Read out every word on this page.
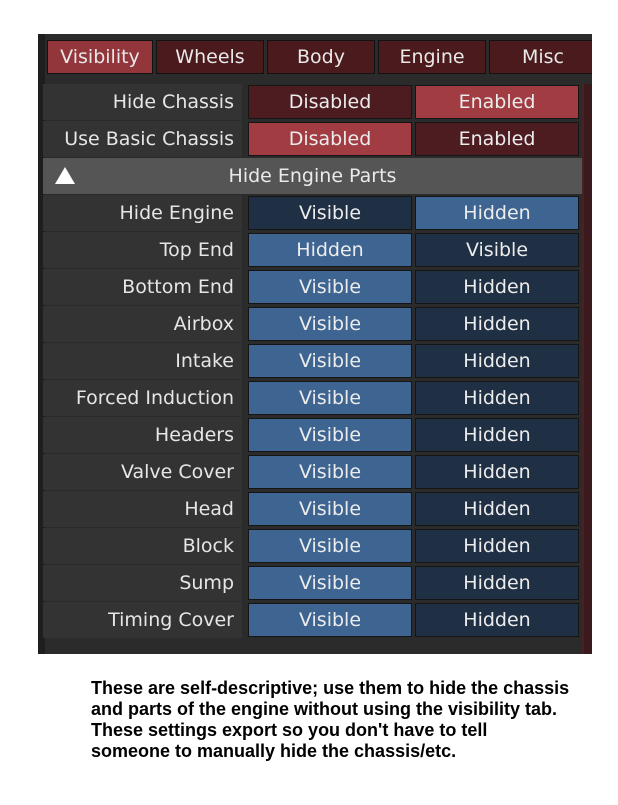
Visibility	Wheels	Body	Engine	Misc
Hide Chassis	Disabled	Enabled
Use Basic Chassis	Disabled	Enabled
Hide Engine Parts
Hide Engine	Visible	Hidden
Top End	Hidden	Visible
Bottom End	Visible	Hidden
Airbox	Visible	Hidden
Intake	Visible	Hidden
Forced Induction	Visible	Hidden
Headers	Visible	Hidden
Valve Cover	Visible	Hidden
Head	Visible	Hidden
Block	Visible	Hidden
Sump	Visible	Hidden
Timing Cover	Visible	Hidden
These are self-descriptive; use them to hide the chassis and parts of the engine without using the visibility tab. These settings export so you don't have to tell someone to manually hide the chassis/etc.
